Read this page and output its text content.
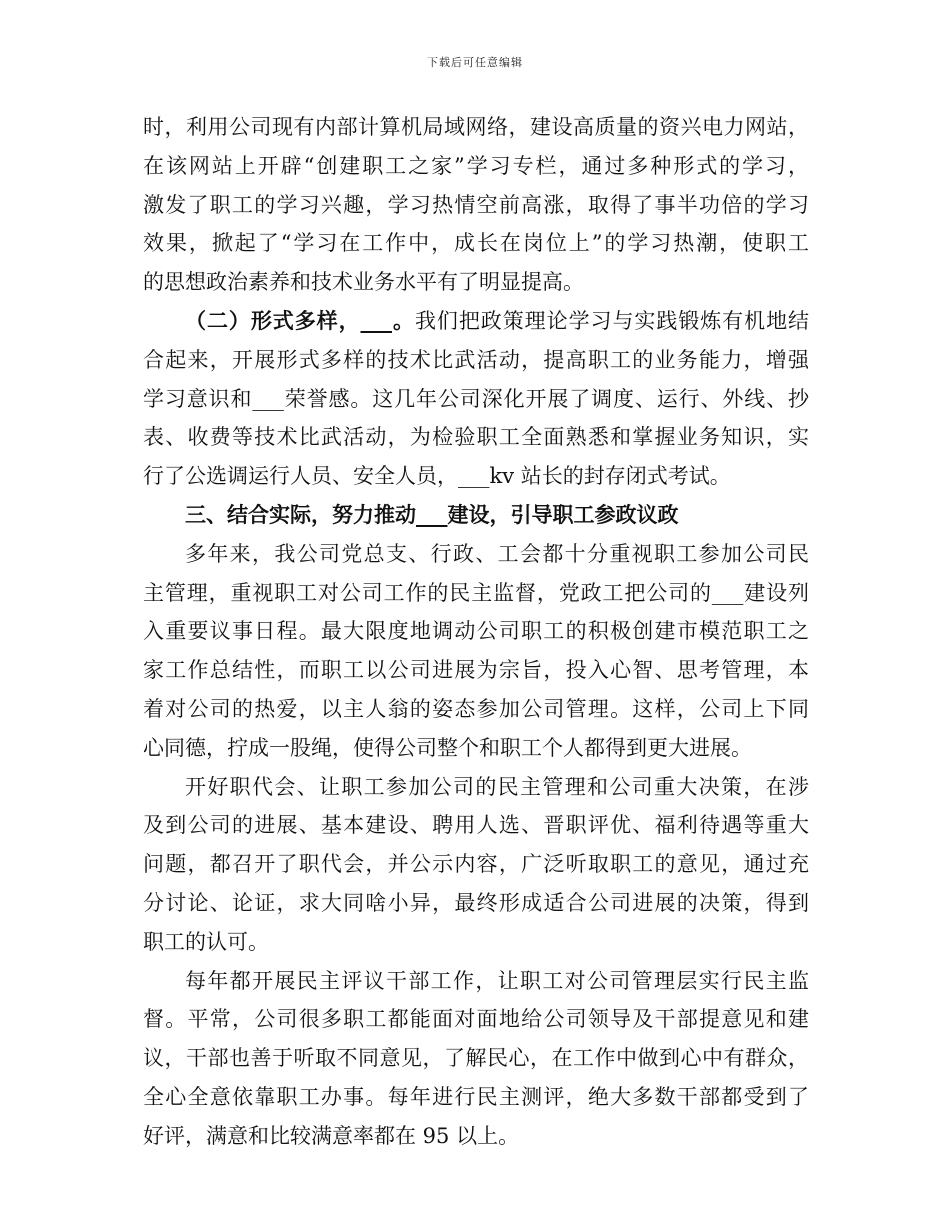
下载后可任意编辑
时，利用公司现有内部计算机局域网络，建设高质量的资兴电力网站，
在该网站上开辟“创建职工之家”学习专栏，通过多种形式的学习，
激发了职工的学习兴趣，学习热情空前高涨，取得了事半功倍的学习
效果，掀起了“学习在工作中，成长在岗位上”的学习热潮，使职工
的思想政治素养和技术业务水平有了明显提高。
（二）形式多样，___。我们把政策理论学习与实践锻炼有机地结
合起来，开展形式多样的技术比武活动，提高职工的业务能力，增强
学习意识和___荣誉感。这几年公司深化开展了调度、运行、外线、抄
表、收费等技术比武活动，为检验职工全面熟悉和掌握业务知识，实
行了公选调运行人员、安全人员，___kv 站长的封存闭式考试。
三、结合实际，努力推动___建设，引导职工参政议政
多年来，我公司党总支、行政、工会都十分重视职工参加公司民
主管理，重视职工对公司工作的民主监督，党政工把公司的___建设列
入重要议事日程。最大限度地调动公司职工的积极创建市模范职工之
家工作总结性，而职工以公司进展为宗旨，投入心智、思考管理，本
着对公司的热爱，以主人翁的姿态参加公司管理。这样，公司上下同
心同德，拧成一股绳，使得公司整个和职工个人都得到更大进展。
开好职代会、让职工参加公司的民主管理和公司重大决策，在涉
及到公司的进展、基本建设、聘用人选、晋职评优、福利待遇等重大
问题，都召开了职代会，并公示内容，广泛听取职工的意见，通过充
分讨论、论证，求大同啥小异，最终形成适合公司进展的决策，得到
职工的认可。
每年都开展民主评议干部工作，让职工对公司管理层实行民主监
督。平常，公司很多职工都能面对面地给公司领导及干部提意见和建
议，干部也善于听取不同意见，了解民心，在工作中做到心中有群众，
全心全意依靠职工办事。每年进行民主测评，绝大多数干部都受到了
好评，满意和比较满意率都在 95 以上。
